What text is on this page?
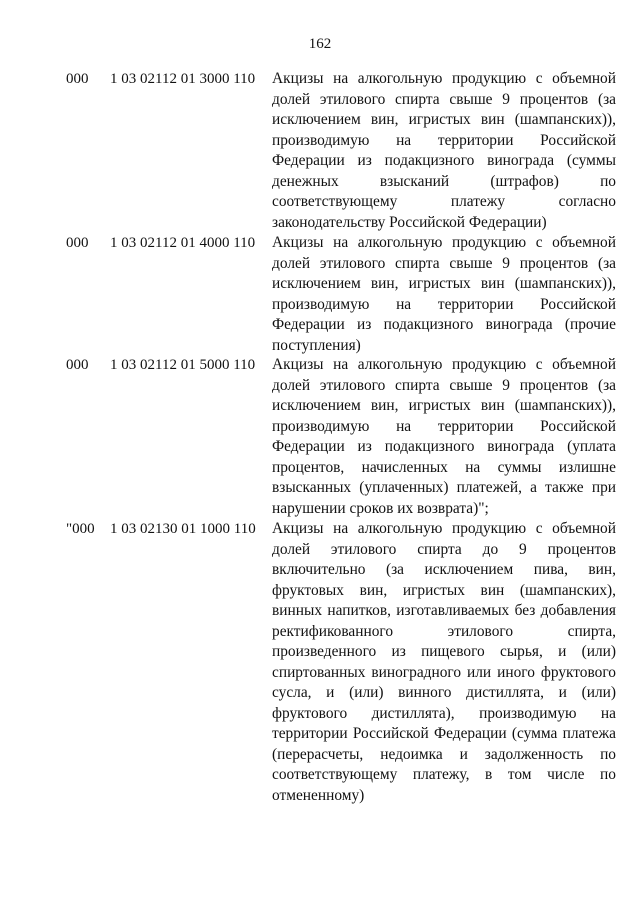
162
000	1 03 02112 01 3000 110	Акцизы на алкогольную продукцию с объемной долей этилового спирта свыше 9 процентов (за исключением вин, игристых вин (шампанских)), производимую на территории Российской Федерации из подакцизного винограда (суммы денежных взысканий (штрафов) по соответствующему платежу согласно законодательству Российской Федерации)
000	1 03 02112 01 4000 110	Акцизы на алкогольную продукцию с объемной долей этилового спирта свыше 9 процентов (за исключением вин, игристых вин (шампанских)), производимую на территории Российской Федерации из подакцизного винограда (прочие поступления)
000	1 03 02112 01 5000 110	Акцизы на алкогольную продукцию с объемной долей этилового спирта свыше 9 процентов (за исключением вин, игристых вин (шампанских)), производимую на территории Российской Федерации из подакцизного винограда (уплата процентов, начисленных на суммы излишне взысканных (уплаченных) платежей, а также при нарушении сроков их возврата)";
"000	1 03 02130 01 1000 110	Акцизы на алкогольную продукцию с объемной долей этилового спирта до 9 процентов включительно (за исключением пива, вин, фруктовых вин, игристых вин (шампанских), винных напитков, изготавливаемых без добавления ректификованного этилового спирта, произведенного из пищевого сырья, и (или) спиртованных виноградного или иного фруктового сусла, и (или) винного дистиллята, и (или) фруктового дистиллята), производимую на территории Российской Федерации (сумма платежа (перерасчеты, недоимка и задолженность по соответствующему платежу, в том числе по отмененному)
